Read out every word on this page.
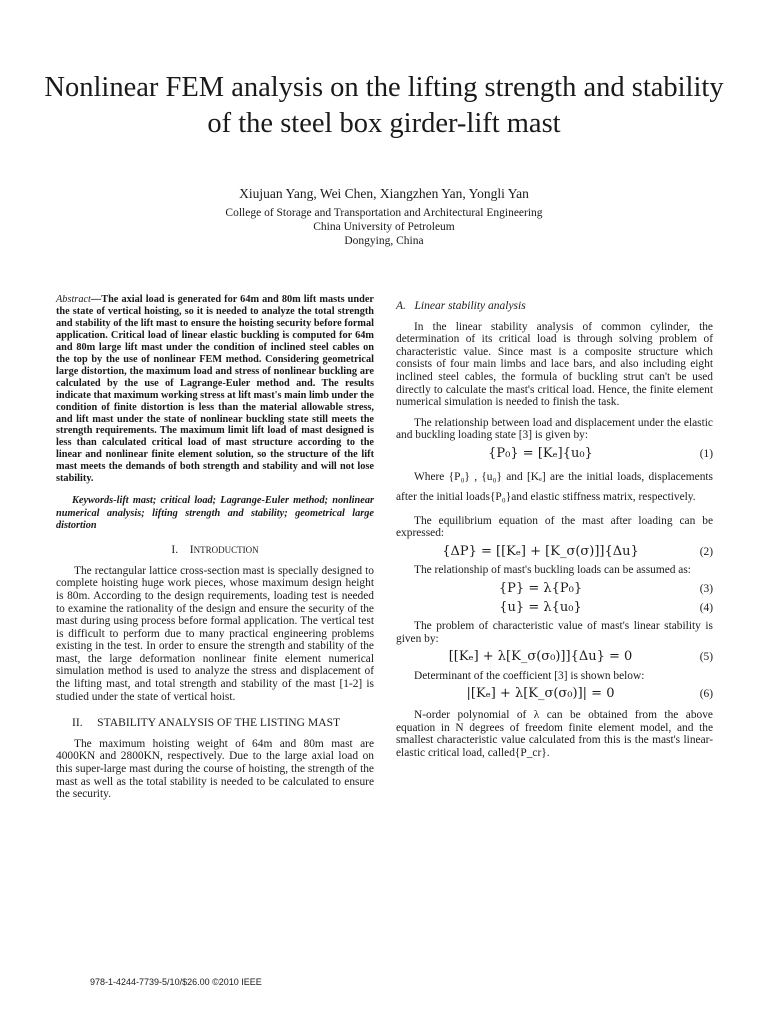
Nonlinear FEM analysis on the lifting strength and stability of the steel box girder-lift mast
Xiujuan Yang, Wei Chen, Xiangzhen Yan, Yongli Yan
College of Storage and Transportation and Architectural Engineering
China University of Petroleum
Dongying, China

Abstract—The axial load is generated for 64m and 80m lift masts under the state of vertical hoisting, so it is needed to analyze the total strength and stability of the lift mast to ensure the hoisting security before formal application. Critical load of linear elastic buckling is computed for 64m and 80m large lift mast under the condition of inclined steel cables on the top by the use of nonlinear FEM method. Considering geometrical large distortion, the maximum load and stress of nonlinear buckling are calculated by the use of Lagrange-Euler method and. The results indicate that maximum working stress at lift mast's main limb under the condition of finite distortion is less than the material allowable stress, and lift mast under the state of nonlinear buckling state still meets the strength requirements. The maximum limit lift load of mast designed is less than calculated critical load of mast structure according to the linear and nonlinear finite element solution, so the structure of the lift mast meets the demands of both strength and stability and will not lose stability.

Keywords-lift mast; critical load; Lagrange-Euler method; nonlinear numerical analysis; lifting strength and stability; geometrical large distortion

I. INTRODUCTION

The rectangular lattice cross-section mast is specially designed to complete hoisting huge work pieces, whose maximum design height is 80m. According to the design requirements, loading test is needed to examine the rationality of the design and ensure the security of the mast during using process before formal application. The vertical test is difficult to perform due to many practical engineering problems existing in the test. In order to ensure the strength and stability of the mast, the large deformation nonlinear finite element numerical simulation method is used to analyze the stress and displacement of the lifting mast, and total strength and stability of the mast [1-2] is studied under the state of vertical hoist.

II. STABILITY ANALYSIS OF THE LISTING MAST

The maximum hoisting weight of 64m and 80m mast are 4000KN and 2800KN, respectively. Due to the large axial load on this super-large mast during the course of hoisting, the strength of the mast as well as the total stability is needed to be calculated to ensure the security.

A. Linear stability analysis

In the linear stability analysis of common cylinder, the determination of its critical load is through solving problem of characteristic value. Since mast is a composite structure which consists of four main limbs and lace bars, and also including eight inclined steel cables, the formula of buckling strut can't be used directly to calculate the mast's critical load. Hence, the finite element numerical simulation is needed to finish the task.

The relationship between load and displacement under the elastic and buckling loading state [3] is given by:

{P₀} = [Kₑ]{u₀}	(1)

Where {P₀} , {u₀} and [Kₑ] are the initial loads, displacements after the initial loads{P₀}and elastic stiffness matrix, respectively.

The equilibrium equation of the mast after loading can be expressed:

{ΔP} = [[Kₑ] + [K_σ(σ)]]{Δu}	(2)

The relationship of mast's buckling loads can be assumed as:

{P} = λ{P₀}	(3)
{u} = λ{u₀}	(4)

The problem of characteristic value of mast's linear stability is given by:

[[Kₑ] + λ[K_σ(σ₀)]]{Δu} = 0	(5)

Determinant of the coefficient [3] is shown below:

|[Kₑ] + λ[K_σ(σ₀)]| = 0	(6)

N-order polynomial of λ can be obtained from the above equation in N degrees of freedom finite element model, and the smallest characteristic value calculated from this is the mast's linear-elastic critical load, called{P_cr}.

978-1-4244-7739-5/10/$26.00 ©2010 IEEE
